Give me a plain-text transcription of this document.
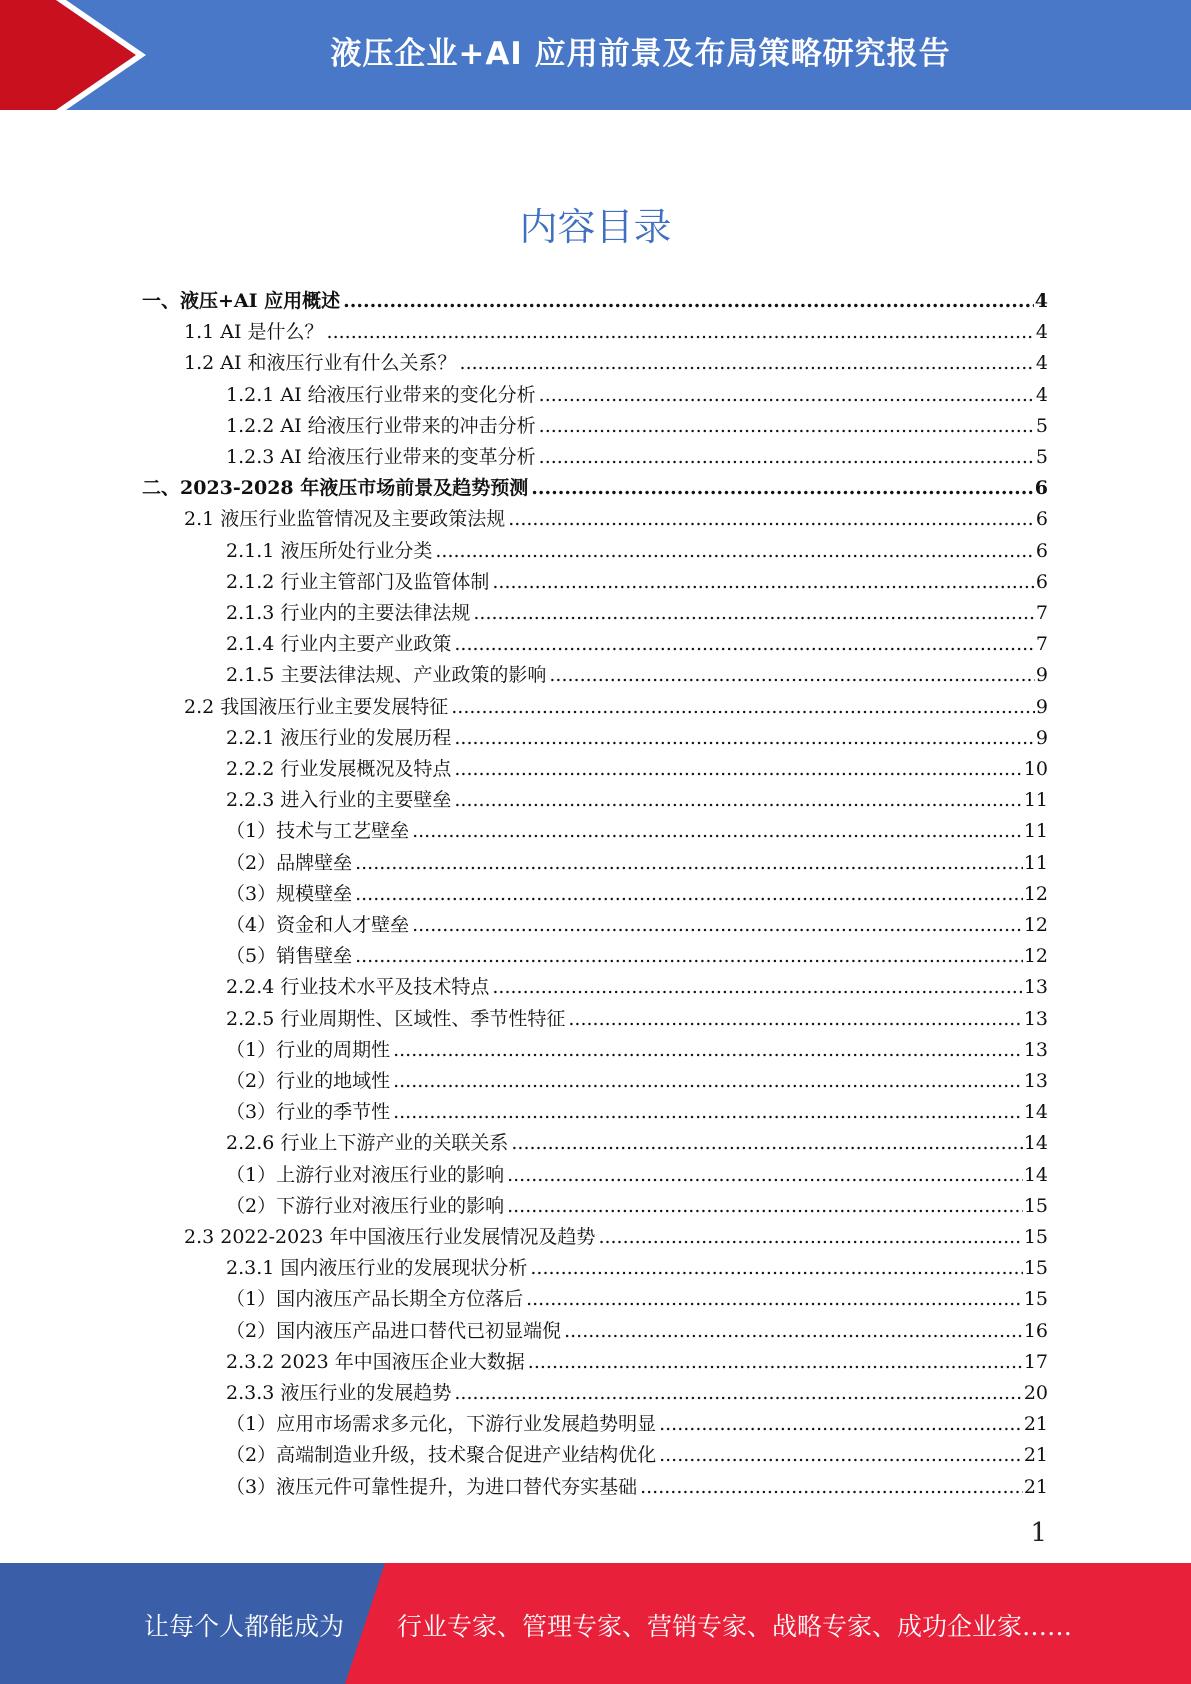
液压企业+AI 应用前景及布局策略研究报告
内容目录
一、液压+AI 应用概述 .....	4
1.1 AI 是什么？ .....	4
1.2 AI 和液压行业有什么关系？ .....	4
1.2.1 AI 给液压行业带来的变化分析 .....	4
1.2.2 AI 给液压行业带来的冲击分析 .....	5
1.2.3 AI 给液压行业带来的变革分析 .....	5
二、2023-2028 年液压市场前景及趋势预测 .....	6
2.1 液压行业监管情况及主要政策法规 .....	6
2.1.1 液压所处行业分类 .....	6
2.1.2 行业主管部门及监管体制 .....	6
2.1.3 行业内的主要法律法规 .....	7
2.1.4 行业内主要产业政策 .....	7
2.1.5 主要法律法规、产业政策的影响 .....	9
2.2 我国液压行业主要发展特征 .....	9
2.2.1 液压行业的发展历程 .....	9
2.2.2 行业发展概况及特点 .....	10
2.2.3 进入行业的主要壁垒 .....	11
（1）技术与工艺壁垒 .....	11
（2）品牌壁垒 .....	11
（3）规模壁垒 .....	12
（4）资金和人才壁垒 .....	12
（5）销售壁垒 .....	12
2.2.4 行业技术水平及技术特点 .....	13
2.2.5 行业周期性、区域性、季节性特征 .....	13
（1）行业的周期性 .....	13
（2）行业的地域性 .....	13
（3）行业的季节性 .....	14
2.2.6 行业上下游产业的关联关系 .....	14
（1）上游行业对液压行业的影响 .....	14
（2）下游行业对液压行业的影响 .....	15
2.3 2022-2023 年中国液压行业发展情况及趋势 .....	15
2.3.1 国内液压行业的发展现状分析 .....	15
（1）国内液压产品长期全方位落后 .....	15
（2）国内液压产品进口替代已初显端倪 .....	16
2.3.2 2023 年中国液压企业大数据 .....	17
2.3.3 液压行业的发展趋势 .....	20
（1）应用市场需求多元化，下游行业发展趋势明显 .....	21
（2）高端制造业升级，技术聚合促进产业结构优化 .....	21
（3）液压元件可靠性提升，为进口替代夯实基础 .....	21
1
让每个人都能成为 行业专家、管理专家、营销专家、战略专家、成功企业家……
